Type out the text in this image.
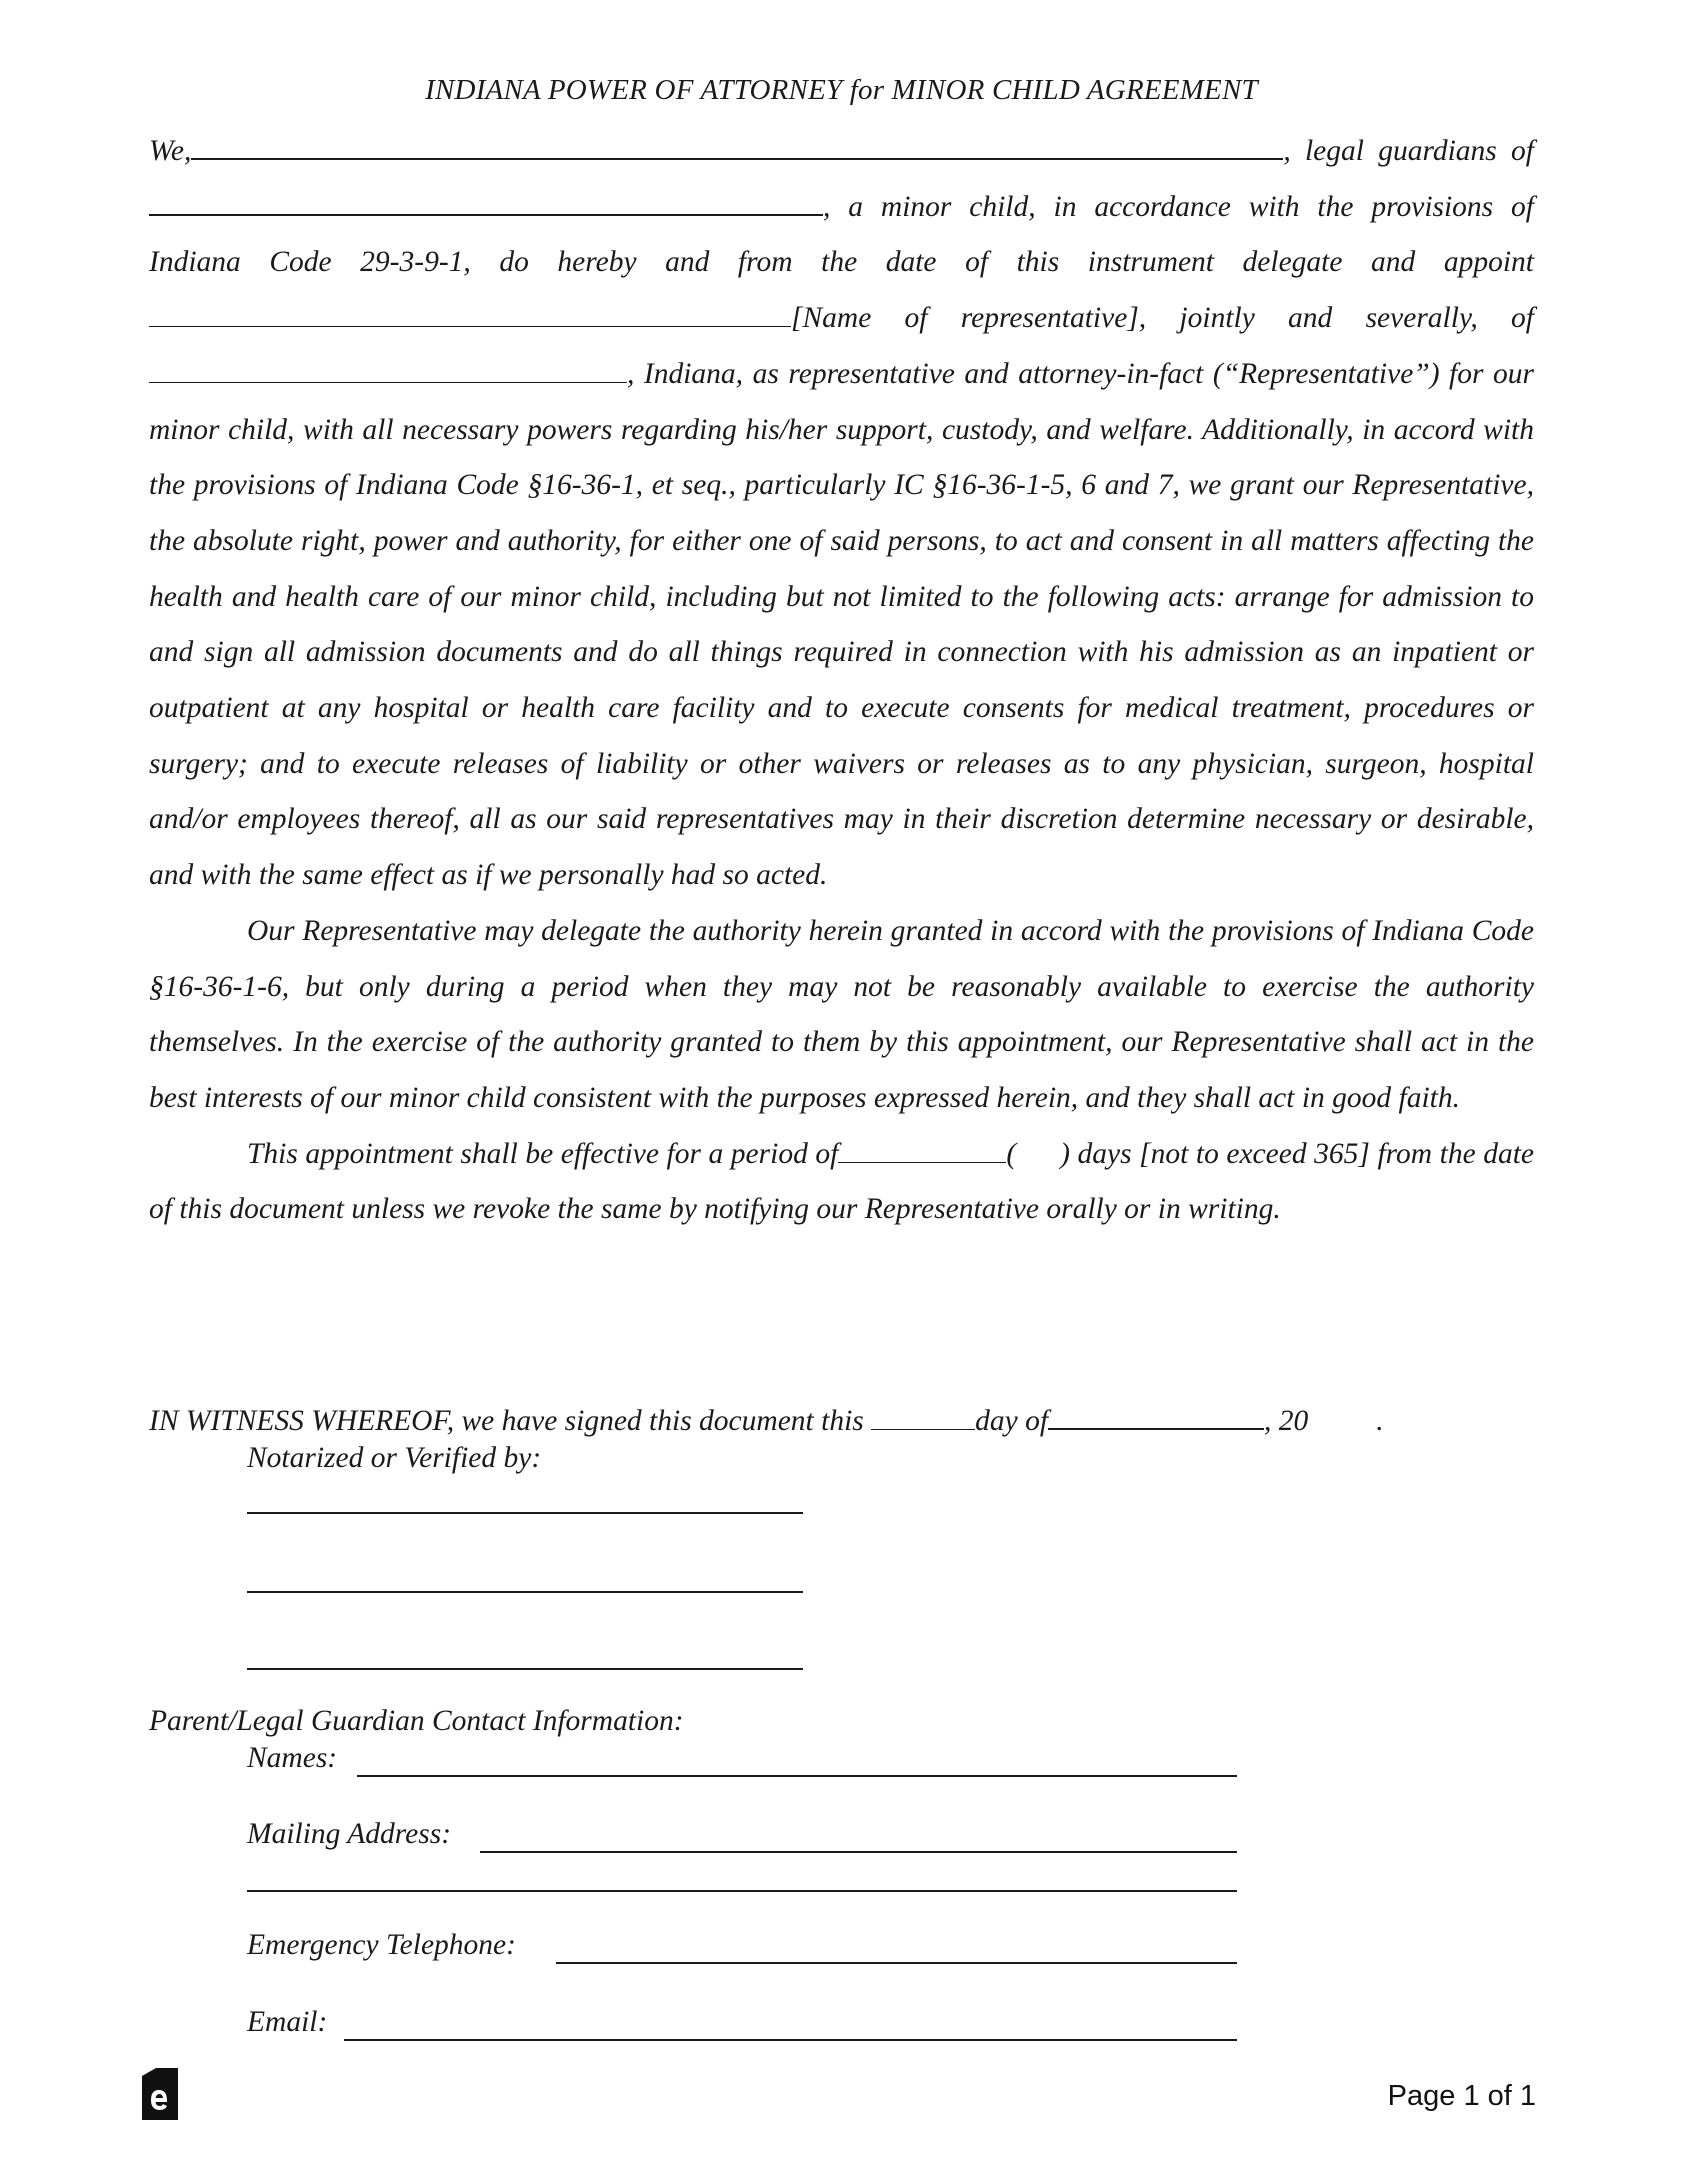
INDIANA POWER OF ATTORNEY for MINOR CHILD AGREEMENT

We,	, legal guardians of , a minor child, in accordance with the provisions of Indiana Code 29-3-9-1, do hereby and from the date of this instrument delegate and appoint [Name of representative], jointly and severally, of , Indiana, as representative and attorney-in-fact (“Representative”) for our minor child, with all necessary powers regarding his/her support, custody, and welfare. Additionally, in accord with the provisions of Indiana Code §16-36-1, et seq., particularly IC §16-36-1-5, 6 and 7, we grant our Representative, the absolute right, power and authority, for either one of said persons, to act and consent in all matters affecting the health and health care of our minor child, including but not limited to the following acts: arrange for admission to and sign all admission documents and do all things required in connection with his admission as an inpatient or outpatient at any hospital or health care facility and to execute consents for medical treatment, procedures or surgery; and to execute releases of liability or other waivers or releases as to any physician, surgeon, hospital and/or employees thereof, all as our said representatives may in their discretion determine necessary or desirable, and with the same effect as if we personally had so acted.

Our Representative may delegate the authority herein granted in accord with the provisions of Indiana Code §16-36-1-6, but only during a period when they may not be reasonably available to exercise the authority themselves. In the exercise of the authority granted to them by this appointment, our Representative shall act in the best interests of our minor child consistent with the purposes expressed herein, and they shall act in good faith.

This appointment shall be effective for a period of	( ) days [not to exceed 365] from the date of this document unless we revoke the same by notifying our Representative orally or in writing.

IN WITNESS WHEREOF, we have signed this document this	day of	, 20 .
Notarized or Verified by:
Parent/Legal Guardian Contact Information:
Names:
Mailing Address:
Emergency Telephone:
Email:
Page 1 of 1
